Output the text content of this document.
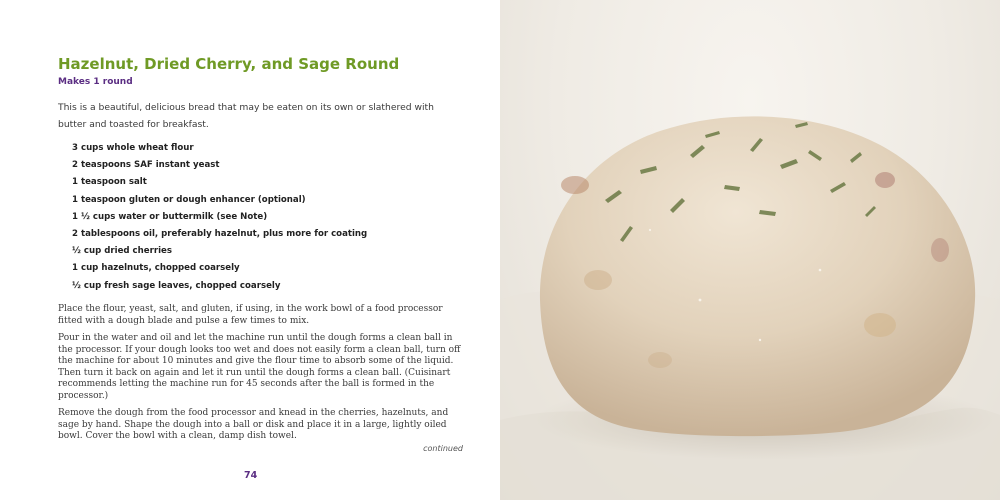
Hazelnut, Dried Cherry, and Sage Round
Makes 1 round

This is a beautiful, delicious bread that may be eaten on its own or slathered with butter and toasted for breakfast.

3 cups whole wheat flour
2 teaspoons SAF instant yeast
1 teaspoon salt
1 teaspoon gluten or dough enhancer (optional)
1 ½ cups water or buttermilk (see Note)
2 tablespoons oil, preferably hazelnut, plus more for coating
½ cup dried cherries
1 cup hazelnuts, chopped coarsely
½ cup fresh sage leaves, chopped coarsely

Place the flour, yeast, salt, and gluten, if using, in the work bowl of a food processor fitted with a dough blade and pulse a few times to mix.

Pour in the water and oil and let the machine run until the dough forms a clean ball in the processor. If your dough looks too wet and does not easily form a clean ball, turn off the machine for about 10 minutes and give the flour time to absorb some of the liquid. Then turn it back on again and let it run until the dough forms a clean ball. (Cuisinart recommends letting the machine run for 45 seconds after the ball is formed in the processor.)

Remove the dough from the food processor and knead in the cherries, hazelnuts, and sage by hand. Shape the dough into a ball or disk and place it in a large, lightly oiled bowl. Cover the bowl with a clean, damp dish towel.

continued
74
